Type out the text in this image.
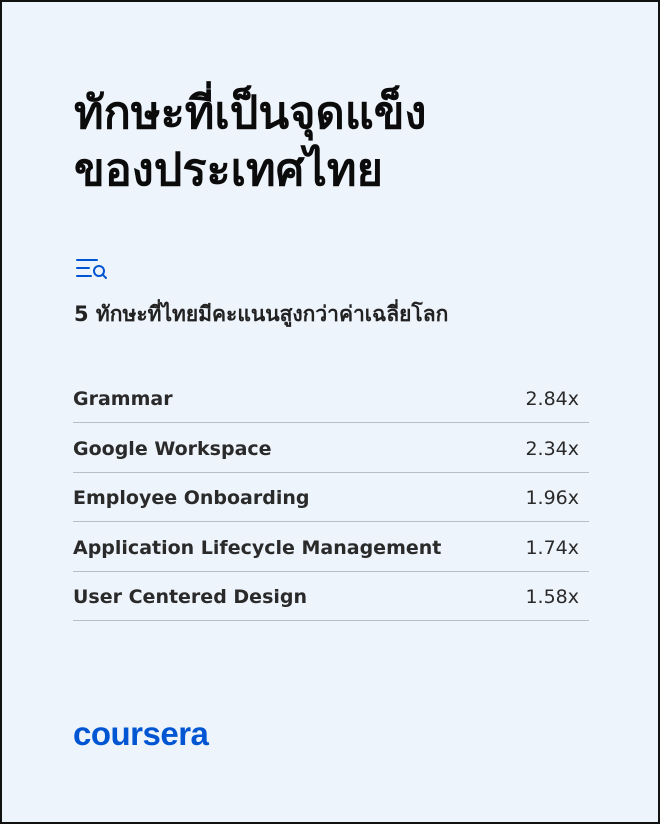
ทักษะที่เป็นจุดแข็ง
ของประเทศไทย

5 ทักษะที่ไทยมีคะแนนสูงกว่าค่าเฉลี่ยโลก

Grammar	2.84x
Google Workspace	2.34x
Employee Onboarding	1.96x
Application Lifecycle Management	1.74x
User Centered Design	1.58x
coursera
